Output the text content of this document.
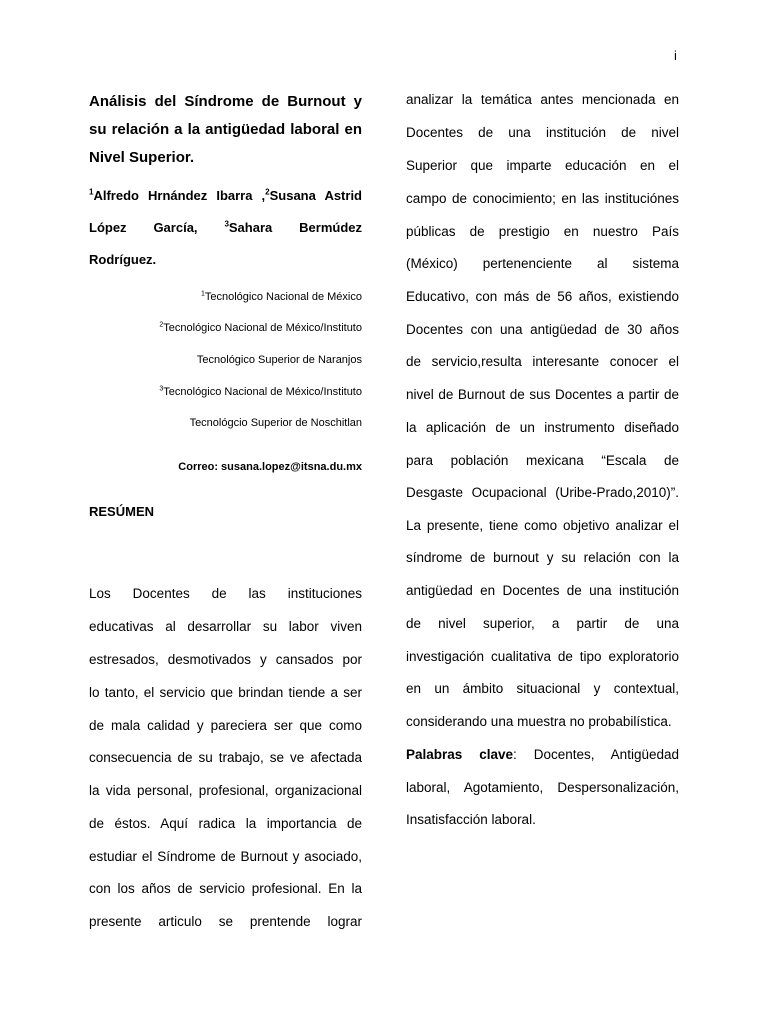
i
Análisis del Síndrome de Burnout y su relación a la antigüedad laboral en Nivel Superior.

$^1$Alfredo Hrnández Ibarra ,$^2$Susana Astrid López García, $^3$Sahara Bermúdez Rodríguez.

$^1$Tecnológico Nacional de México

$^2$Tecnológico Nacional de México/Instituto

Tecnológico Superior de Naranjos

$^3$Tecnológico Nacional de México/Instituto

Tecnológcio Superior de Noschitlan

Correo: susana.lopez@itsna.du.mx

RESÚMEN

Los Docentes de las instituciones

educativas al desarrollar su labor viven

estresados, desmotivados y cansados por

lo tanto, el servicio que brindan tiende a ser

de mala calidad y pareciera ser que como

consecuencia de su trabajo, se ve afectada

la vida personal, profesional, organizacional

de éstos. Aquí radica la importancia de

estudiar el Síndrome de Burnout y asociado,

con los años de servicio profesional. En la

presente articulo se prentende lograr

analizar la temática antes mencionada en

Docentes de una institución de nivel

Superior que imparte educación en el

campo de conocimiento; en las instituciónes

públicas de prestigio en nuestro País

(México) pertenenciente al sistema

Educativo, con más de 56 años, existiendo

Docentes con una antigüedad de 30 años

de servicio,resulta interesante conocer el

nivel de Burnout de sus Docentes a partir de

la aplicación de un instrumento diseñado

para población mexicana “Escala de

Desgaste Ocupacional (Uribe-Prado,2010)”.

La presente, tiene como objetivo analizar el

síndrome de burnout y su relación con la

antigüedad en Docentes de una institución

de nivel superior, a partir de una

investigación cualitativa de tipo exploratorio

en un ámbito situacional y contextual,

considerando una muestra no probabilística.

Palabras clave: Docentes, Antigüedad

laboral, Agotamiento, Despersonalización,

Insatisfacción laboral.
